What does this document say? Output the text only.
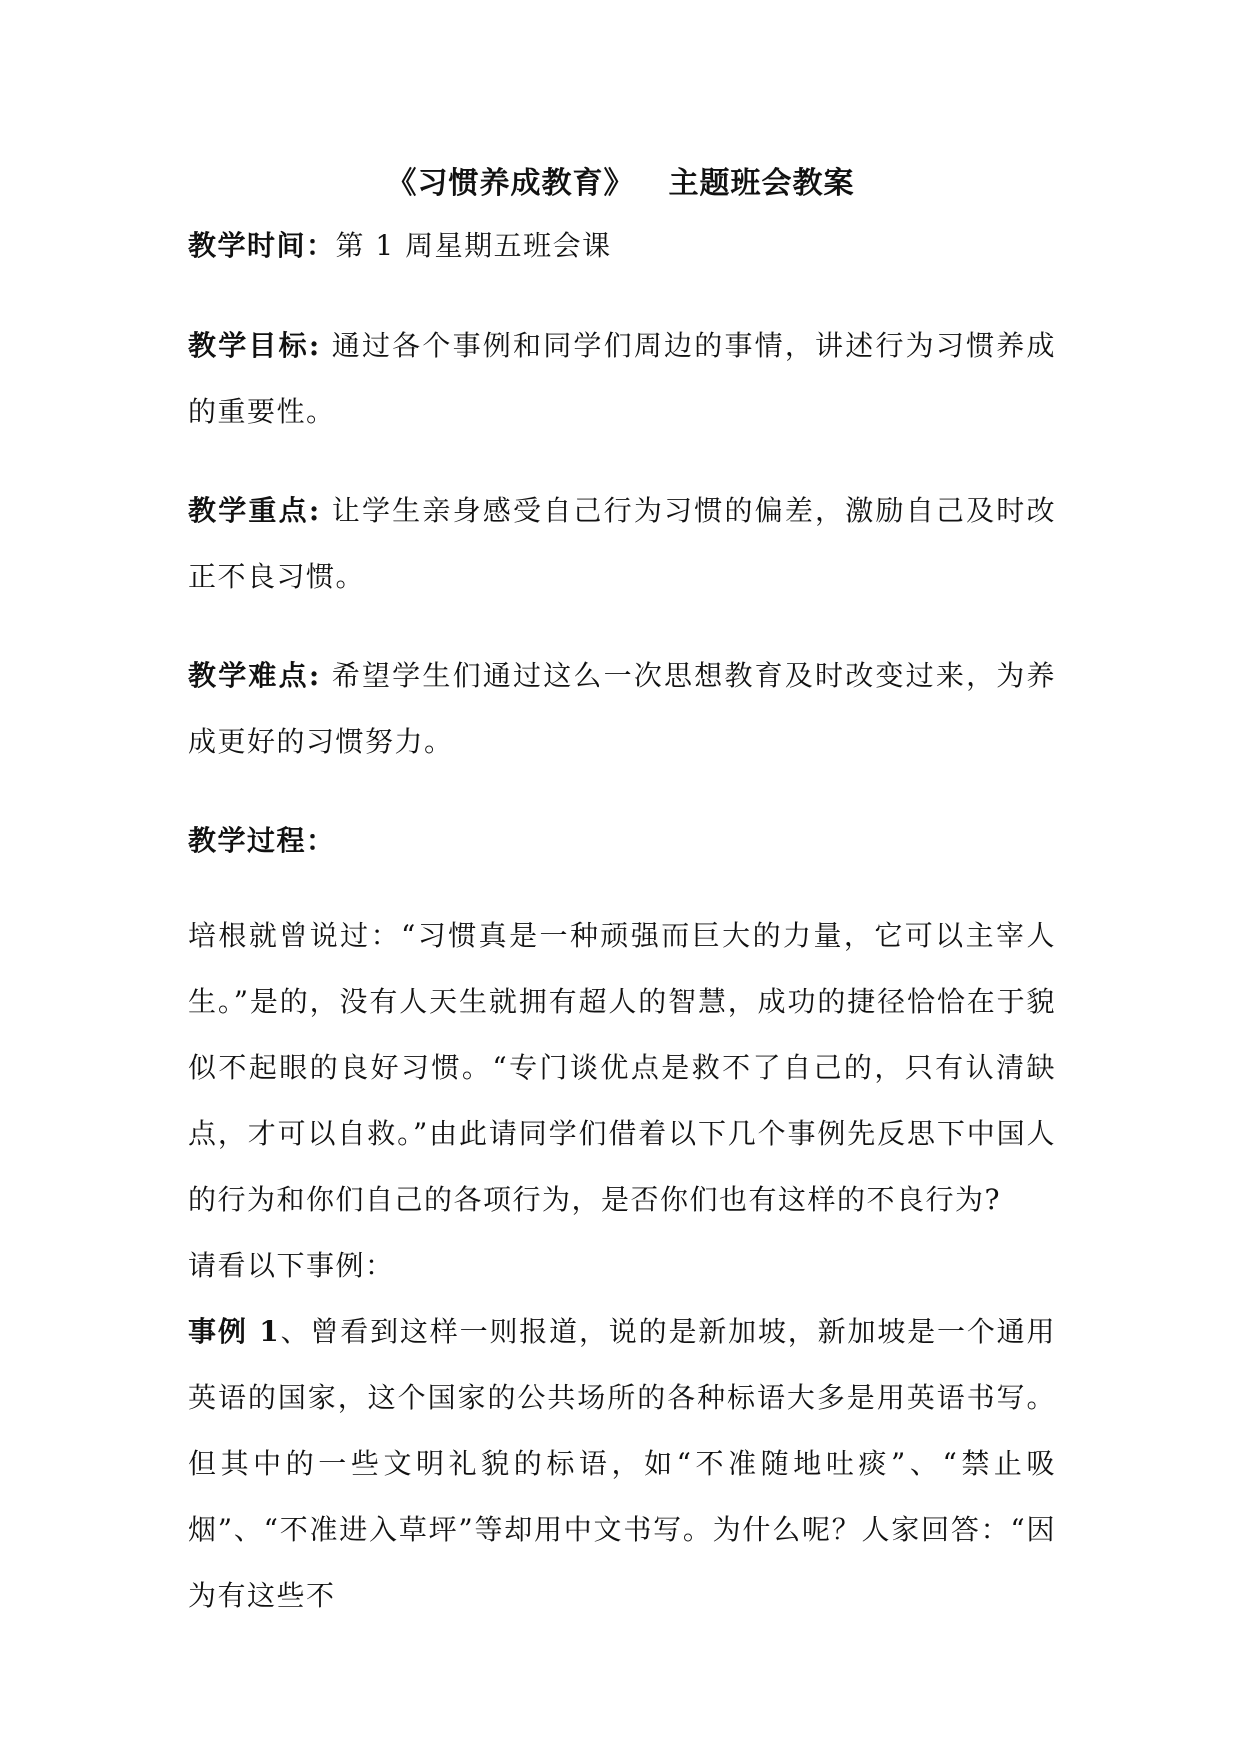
《习惯养成教育》 主题班会教案
教学时间：第 1 周星期五班会课
教学目标: 通过各个事例和同学们周边的事情，讲述行为习惯养成的重要性。
教学重点: 让学生亲身感受自己行为习惯的偏差，激励自己及时改正不良习惯。
教学难点: 希望学生们通过这么一次思想教育及时改变过来，为养成更好的习惯努力。
教学过程：
培根就曾说过：“习惯真是一种顽强而巨大的力量，它可以主宰人生。”是的，没有人天生就拥有超人的智慧，成功的捷径恰恰在于貌似不起眼的良好习惯。“专门谈优点是救不了自己的，只有认清缺点，才可以自救。”由此请同学们借着以下几个事例先反思下中国人的行为和你们自己的各项行为，是否你们也有这样的不良行为?
请看以下事例：
事例 1、曾看到这样一则报道，说的是新加坡，新加坡是一个通用英语的国家，这个国家的公共场所的各种标语大多是用英语书写。但其中的一些文明礼貌的标语，如“不准随地吐痰”、“禁止吸烟”、“不准进入草坪”等却用中文书写。为什么呢？人家回答：“因为有这些不
